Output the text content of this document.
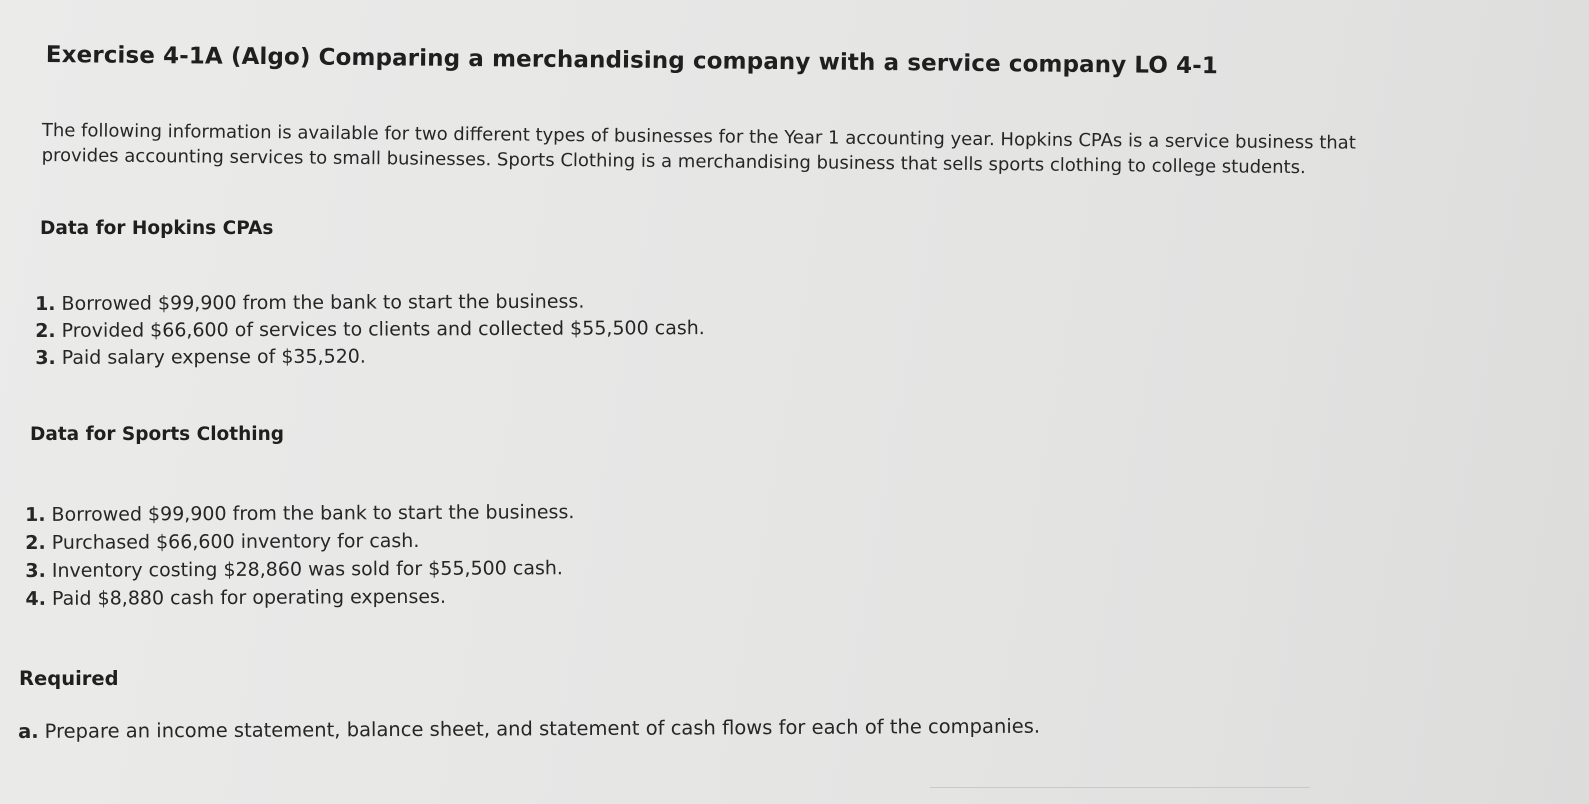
Exercise 4-1A (Algo) Comparing a merchandising company with a service company LO 4-1
The following information is available for two different types of businesses for the Year 1 accounting year. Hopkins CPAs is a service business that provides accounting services to small businesses. Sports Clothing is a merchandising business that sells sports clothing to college students.
Data for Hopkins CPAs
1. Borrowed $99,900 from the bank to start the business.
2. Provided $66,600 of services to clients and collected $55,500 cash.
3. Paid salary expense of $35,520.
Data for Sports Clothing
1. Borrowed $99,900 from the bank to start the business.
2. Purchased $66,600 inventory for cash.
3. Inventory costing $28,860 was sold for $55,500 cash.
4. Paid $8,880 cash for operating expenses.
Required
a. Prepare an income statement, balance sheet, and statement of cash flows for each of the companies.
